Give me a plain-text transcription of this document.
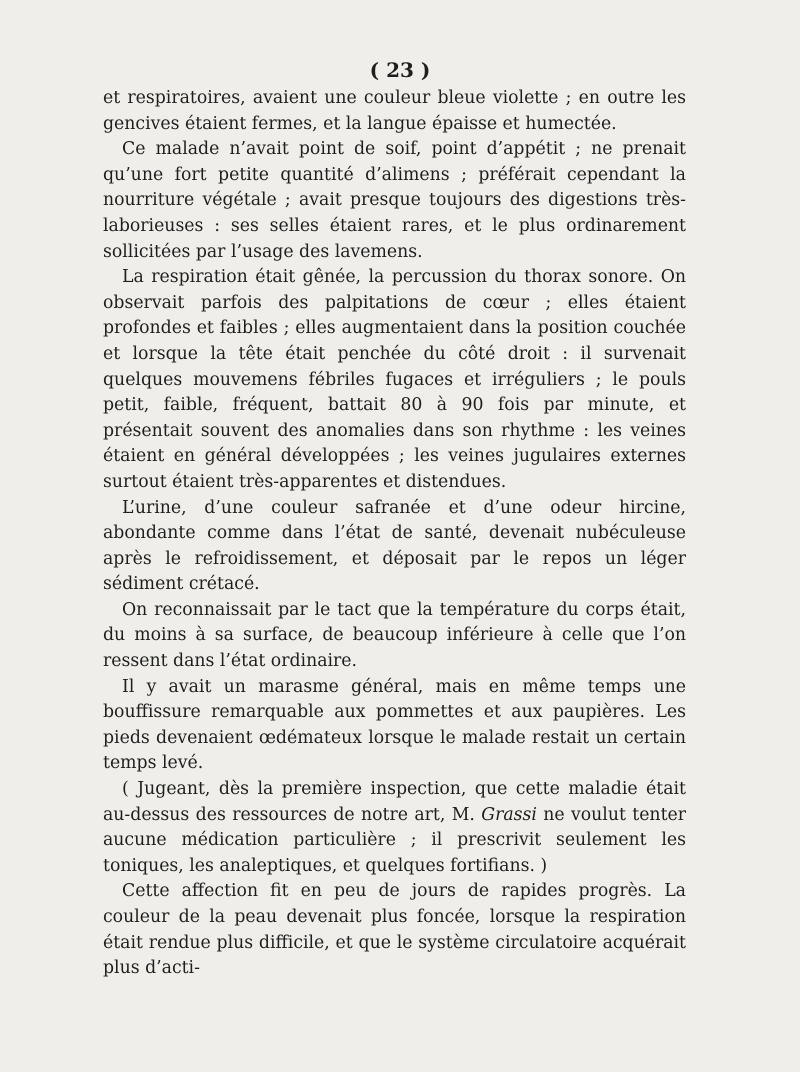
( 23 )

et respiratoires, avaient une couleur bleue violette ; en outre les gencives étaient fermes, et la langue épaisse et humectée.

Ce malade n’avait point de soif, point d’appétit ; ne prenait qu’une fort petite quantité d’alimens ; préférait cependant la nourriture végétale ; avait presque toujours des digestions très-laborieuses : ses selles étaient rares, et le plus ordinarement sollicitées par l’usage des lavemens.

La respiration était gênée, la percussion du thorax sonore. On observait parfois des palpitations de cœur ; elles étaient profondes et faibles ; elles augmentaient dans la position couchée et lorsque la tête était penchée du côté droit : il survenait quelques mouvemens fébriles fugaces et irréguliers ; le pouls petit, faible, fréquent, battait 80 à 90 fois par minute, et présentait souvent des anomalies dans son rhythme : les veines étaient en général développées ; les veines jugulaires externes surtout étaient très-apparentes et distendues.

L’urine, d’une couleur safranée et d’une odeur hircine, abondante comme dans l’état de santé, devenait nubéculeuse après le refroidissement, et déposait par le repos un léger sédiment crétacé.

On reconnaissait par le tact que la température du corps était, du moins à sa surface, de beaucoup inférieure à celle que l’on ressent dans l’état ordinaire.

Il y avait un marasme général, mais en même temps une bouffissure remarquable aux pommettes et aux paupières. Les pieds devenaient œdémateux lorsque le malade restait un certain temps levé.

( Jugeant, dès la première inspection, que cette maladie était au-dessus des ressources de notre art, M. Grassi ne voulut tenter aucune médication particulière ; il prescrivit seulement les toniques, les analeptiques, et quelques fortifians. )

Cette affection fit en peu de jours de rapides progrès. La couleur de la peau devenait plus foncée, lorsque la respiration était rendue plus difficile, et que le système circulatoire acquérait plus d’acti-
